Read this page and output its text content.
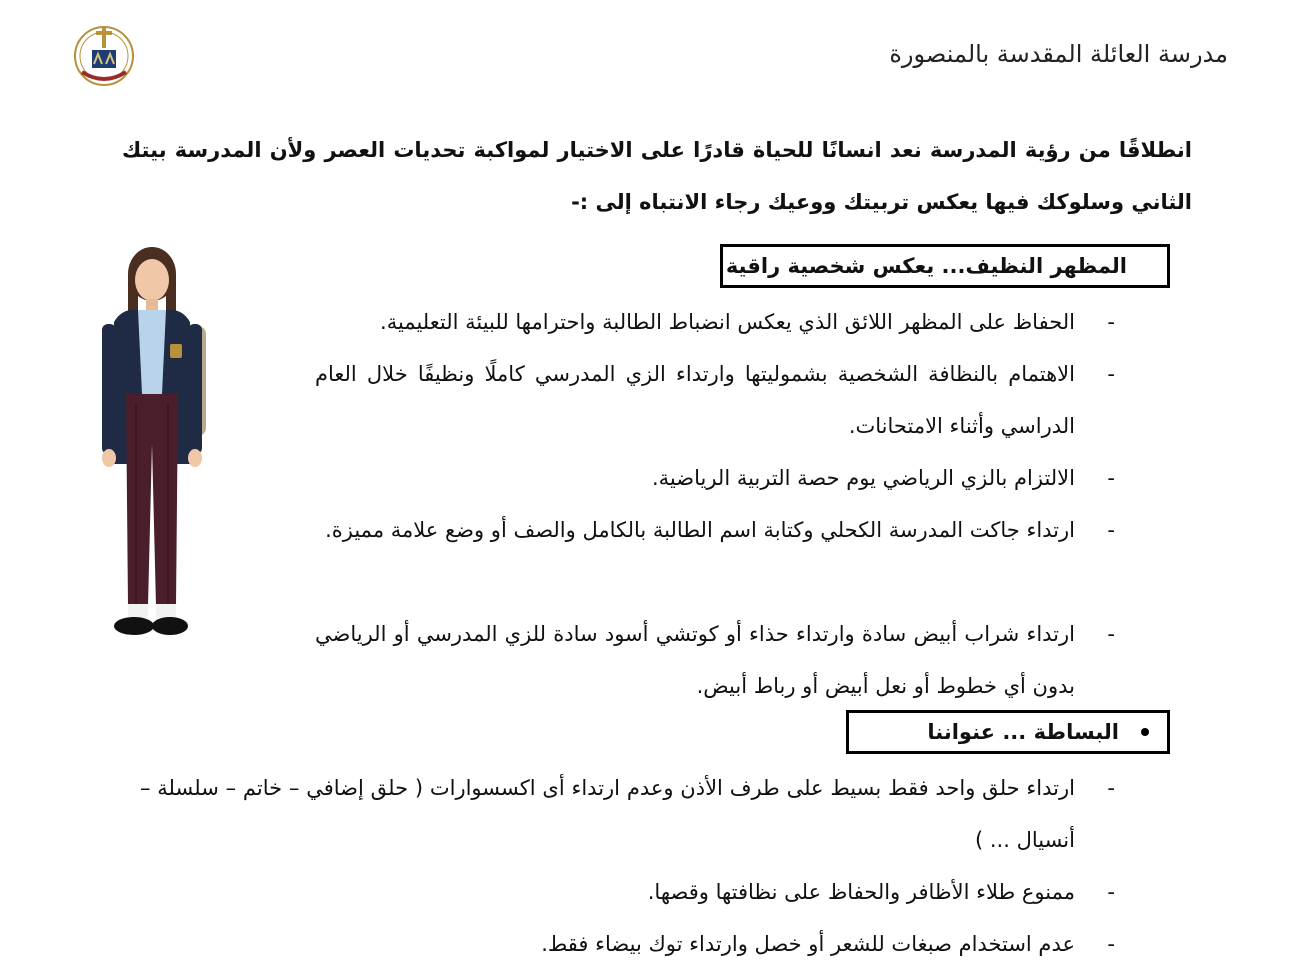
مدرسة العائلة المقدسة بالمنصورة
انطلاقًا من رؤية المدرسة نعد انسانًا للحياة قادرًا على الاختيار لمواكبة تحديات العصر ولأن المدرسة بيتك الثاني وسلوكك فيها يعكس تربيتك ووعيك رجاء الانتباه إلى :-
المظهر النظيف... يعكس شخصية راقية
-
الحفاظ على المظهر اللائق الذي يعكس انضباط الطالبة واحترامها للبيئة التعليمية.
-
الاهتمام بالنظافة الشخصية بشموليتها وارتداء الزي المدرسي كاملًا ونظيفًا خلال العام الدراسي وأثناء الامتحانات.
-
الالتزام بالزي الرياضي يوم حصة التربية الرياضية.
-
ارتداء جاكت المدرسة الكحلي وكتابة اسم الطالبة بالكامل والصف أو وضع علامة مميزة.
-
ارتداء شراب أبيض سادة وارتداء حذاء أو كوتشي أسود سادة للزي المدرسي أو الرياضي بدون أي خطوط أو نعل أبيض أو رباط أبيض.
البساطة ... عنواننا
-
ارتداء حلق واحد فقط بسيط على طرف الأذن وعدم ارتداء أى اكسسوارات ( حلق إضافي – خاتم – سلسلة – أنسيال ... )
-
ممنوع طلاء الأظافر والحفاظ على نظافتها وقصها.
-
عدم استخدام صبغات للشعر أو خصل وارتداء توك بيضاء فقط.
